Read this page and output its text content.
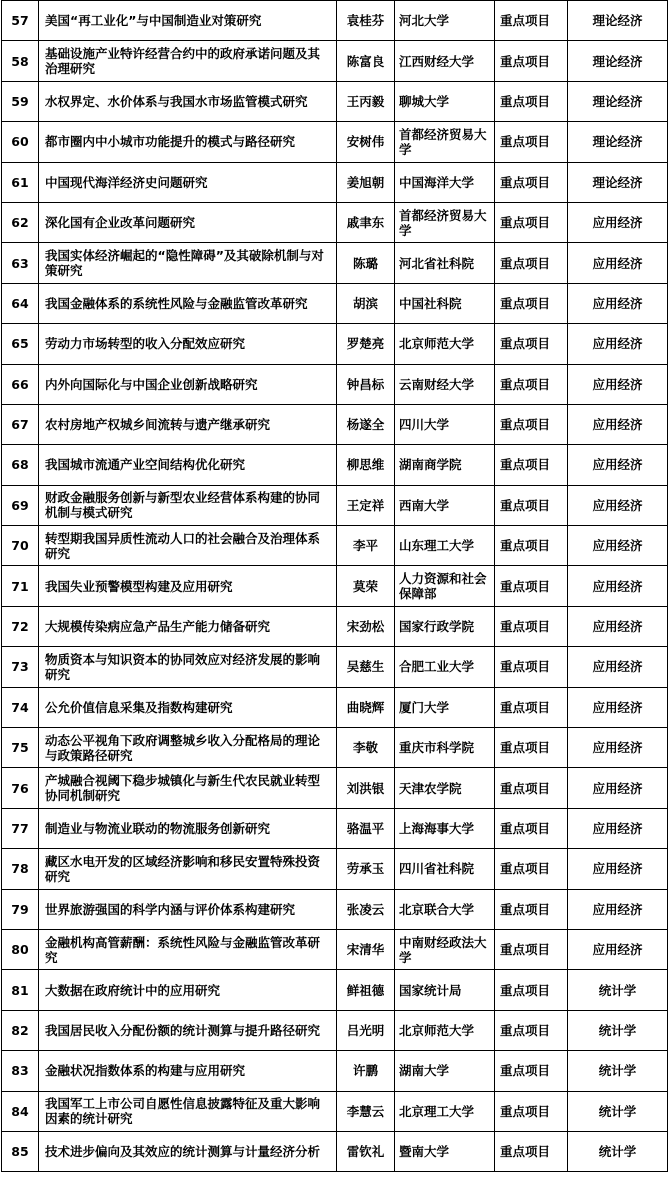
57	美国“再工业化”与中国制造业对策研究	袁桂芬	河北大学	重点项目	理论经济
58	基础设施产业特许经营合约中的政府承诺问题及其治理研究	陈富良	江西财经大学	重点项目	理论经济
59	水权界定、水价体系与我国水市场监管模式研究	王丙毅	聊城大学	重点项目	理论经济
60	都市圈内中小城市功能提升的模式与路径研究	安树伟	首都经济贸易大学	重点项目	理论经济
61	中国现代海洋经济史问题研究	姜旭朝	中国海洋大学	重点项目	理论经济
62	深化国有企业改革问题研究	戚聿东	首都经济贸易大学	重点项目	应用经济
63	我国实体经济崛起的“隐性障碍”及其破除机制与对策研究	陈璐	河北省社科院	重点项目	应用经济
64	我国金融体系的系统性风险与金融监管改革研究	胡滨	中国社科院	重点项目	应用经济
65	劳动力市场转型的收入分配效应研究	罗楚亮	北京师范大学	重点项目	应用经济
66	内外向国际化与中国企业创新战略研究	钟昌标	云南财经大学	重点项目	应用经济
67	农村房地产权城乡间流转与遗产继承研究	杨遂全	四川大学	重点项目	应用经济
68	我国城市流通产业空间结构优化研究	柳思维	湖南商学院	重点项目	应用经济
69	财政金融服务创新与新型农业经营体系构建的协同机制与模式研究	王定祥	西南大学	重点项目	应用经济
70	转型期我国异质性流动人口的社会融合及治理体系研究	李平	山东理工大学	重点项目	应用经济
71	我国失业预警模型构建及应用研究	莫荣	人力资源和社会保障部	重点项目	应用经济
72	大规模传染病应急产品生产能力储备研究	宋劲松	国家行政学院	重点项目	应用经济
73	物质资本与知识资本的协同效应对经济发展的影响研究	吴慈生	合肥工业大学	重点项目	应用经济
74	公允价值信息采集及指数构建研究	曲晓辉	厦门大学	重点项目	应用经济
75	动态公平视角下政府调整城乡收入分配格局的理论与政策路径研究	李敬	重庆市科学院	重点项目	应用经济
76	产城融合视阈下稳步城镇化与新生代农民就业转型协同机制研究	刘洪银	天津农学院	重点项目	应用经济
77	制造业与物流业联动的物流服务创新研究	骆温平	上海海事大学	重点项目	应用经济
78	藏区水电开发的区域经济影响和移民安置特殊投资研究	劳承玉	四川省社科院	重点项目	应用经济
79	世界旅游强国的科学内涵与评价体系构建研究	张凌云	北京联合大学	重点项目	应用经济
80	金融机构高管薪酬：系统性风险与金融监管改革研究	宋清华	中南财经政法大学	重点项目	应用经济
81	大数据在政府统计中的应用研究	鲜祖德	国家统计局	重点项目	统计学
82	我国居民收入分配份额的统计测算与提升路径研究	吕光明	北京师范大学	重点项目	统计学
83	金融状况指数体系的构建与应用研究	许鹏	湖南大学	重点项目	统计学
84	我国军工上市公司自愿性信息披露特征及重大影响因素的统计研究	李慧云	北京理工大学	重点项目	统计学
85	技术进步偏向及其效应的统计测算与计量经济分析	雷钦礼	暨南大学	重点项目	统计学
